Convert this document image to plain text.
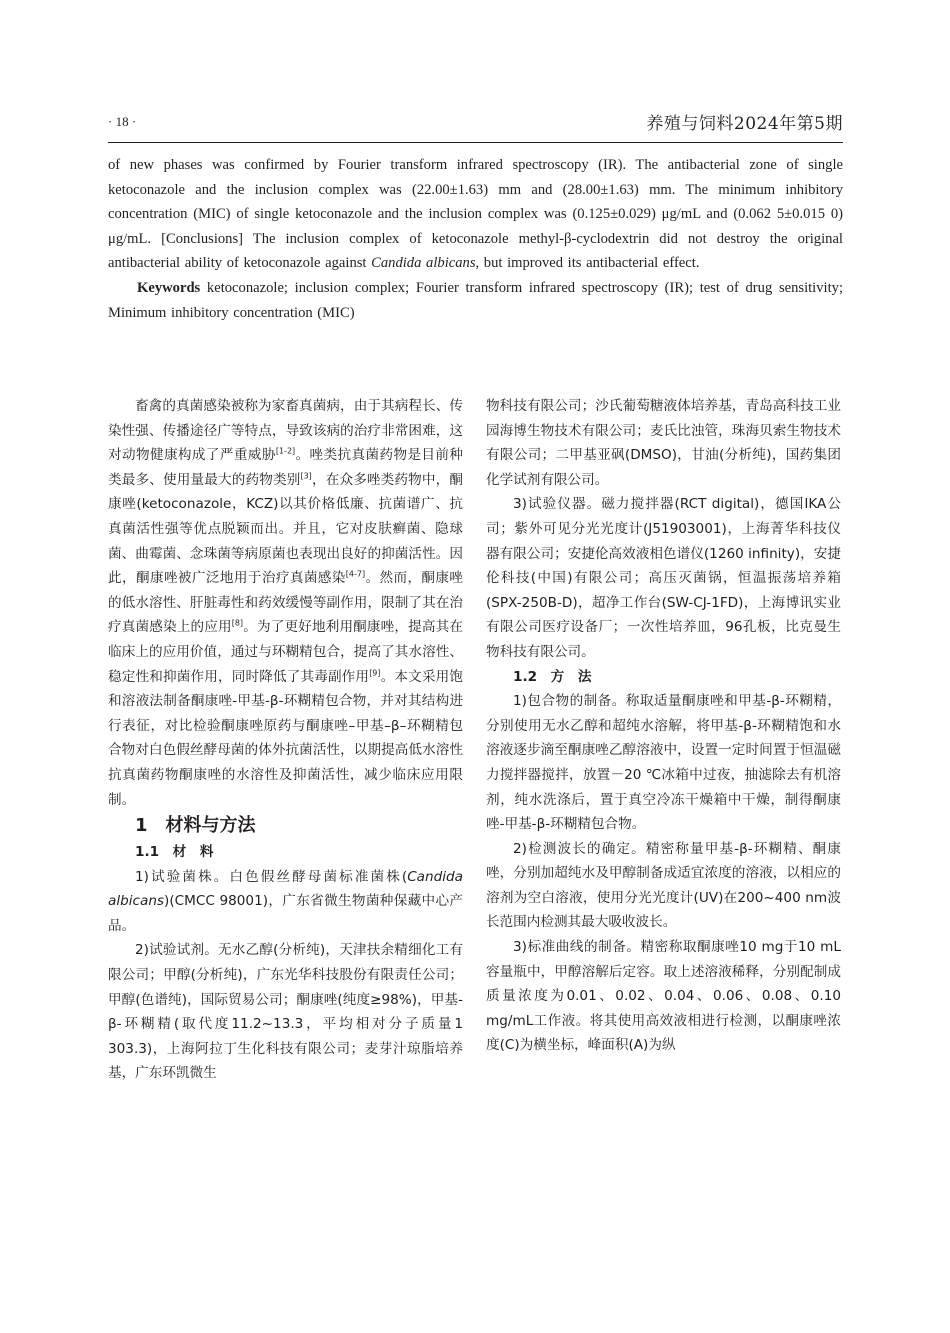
· 18 ·	养殖与饲料2024年第5期

of new phases was confirmed by Fourier transform infrared spectroscopy (IR). The antibacterial zone of single ketoconazole and the inclusion complex was (22.00±1.63) mm and (28.00±1.63) mm. The minimum inhibitory concentration (MIC) of single ketoconazole and the inclusion complex was (0.125±0.029) μg/mL and (0.062 5±0.015 0) μg/mL. [Conclusions] The inclusion complex of ketoconazole methyl-β-cyclodextrin did not destroy the original antibacterial ability of ketoconazole against Candida albicans, but improved its antibacterial effect.

Keywords ketoconazole; inclusion complex; Fourier transform infrared spectroscopy (IR); test of drug sensitivity; Minimum inhibitory concentration (MIC)

畜禽的真菌感染被称为家畜真菌病，由于其病程长、传染性强、传播途径广等特点，导致该病的治疗非常困难，这对动物健康构成了严重威胁[1-2]。唑类抗真菌药物是目前种类最多、使用量最大的药物类别[3]，在众多唑类药物中，酮康唑(ketoconazole，KCZ)以其价格低廉、抗菌谱广、抗真菌活性强等优点脱颖而出。并且，它对皮肤癣菌、隐球菌、曲霉菌、念珠菌等病原菌也表现出良好的抑菌活性。因此，酮康唑被广泛地用于治疗真菌感染[4-7]。然而，酮康唑的低水溶性、肝脏毒性和药效缓慢等副作用，限制了其在治疗真菌感染上的应用[8]。为了更好地利用酮康唑，提高其在临床上的应用价值，通过与环糊精包合，提高了其水溶性、稳定性和抑菌作用，同时降低了其毒副作用[9]。本文采用饱和溶液法制备酮康唑-甲基-β-环糊精包合物，并对其结构进行表征，对比检验酮康唑原药与酮康唑–甲基–β–环糊精包合物对白色假丝酵母菌的体外抗菌活性，以期提高低水溶性抗真菌药物酮康唑的水溶性及抑菌活性，减少临床应用限制。

1　材料与方法

1.1　材　料

1)试验菌株。白色假丝酵母菌标准菌株(Candida albicans)(CMCC 98001)，广东省微生物菌种保藏中心产品。

2)试验试剂。无水乙醇(分析纯)，天津扶余精细化工有限公司；甲醇(分析纯)，广东光华科技股份有限责任公司；甲醇(色谱纯)，国际贸易公司；酮康唑(纯度≥98%)，甲基-β-环糊精(取代度11.2~13.3，平均相对分子质量1 303.3)，上海阿拉丁生化科技有限公司；麦芽汁琼脂培养基，广东环凯微生

物科技有限公司；沙氏葡萄糖液体培养基，青岛高科技工业园海博生物技术有限公司；麦氏比浊管，珠海贝索生物技术有限公司；二甲基亚砜(DMSO)，甘油(分析纯)，国药集团化学试剂有限公司。

3)试验仪器。磁力搅拌器(RCT digital)，德国IKA公司；紫外可见分光光度计(J51903001)，上海菁华科技仪器有限公司；安捷伦高效液相色谱仪(1260 infinity)，安捷伦科技(中国)有限公司；高压灭菌锅，恒温振荡培养箱(SPX-250B-D)，超净工作台(SW-CJ-1FD)，上海博讯实业有限公司医疗设备厂；一次性培养皿，96孔板，比克曼生物科技有限公司。

1.2　方　法

1)包合物的制备。称取适量酮康唑和甲基-β-环糊精，分别使用无水乙醇和超纯水溶解，将甲基-β-环糊精饱和水溶液逐步滴至酮康唑乙醇溶液中，设置一定时间置于恒温磁力搅拌器搅拌，放置－20 ℃冰箱中过夜，抽滤除去有机溶剂，纯水洗涤后，置于真空冷冻干燥箱中干燥，制得酮康唑-甲基-β-环糊精包合物。

2)检测波长的确定。精密称量甲基-β-环糊精、酮康唑，分别加超纯水及甲醇制备成适宜浓度的溶液，以相应的溶剂为空白溶液，使用分光光度计(UV)在200~400 nm波长范围内检测其最大吸收波长。

3)标准曲线的制备。精密称取酮康唑10 mg于10 mL容量瓶中，甲醇溶解后定容。取上述溶液稀释，分别配制成质量浓度为0.01、0.02、0.04、0.06、0.08、0.10 mg/mL工作液。将其使用高效液相进行检测，以酮康唑浓度(C)为横坐标，峰面积(A)为纵
